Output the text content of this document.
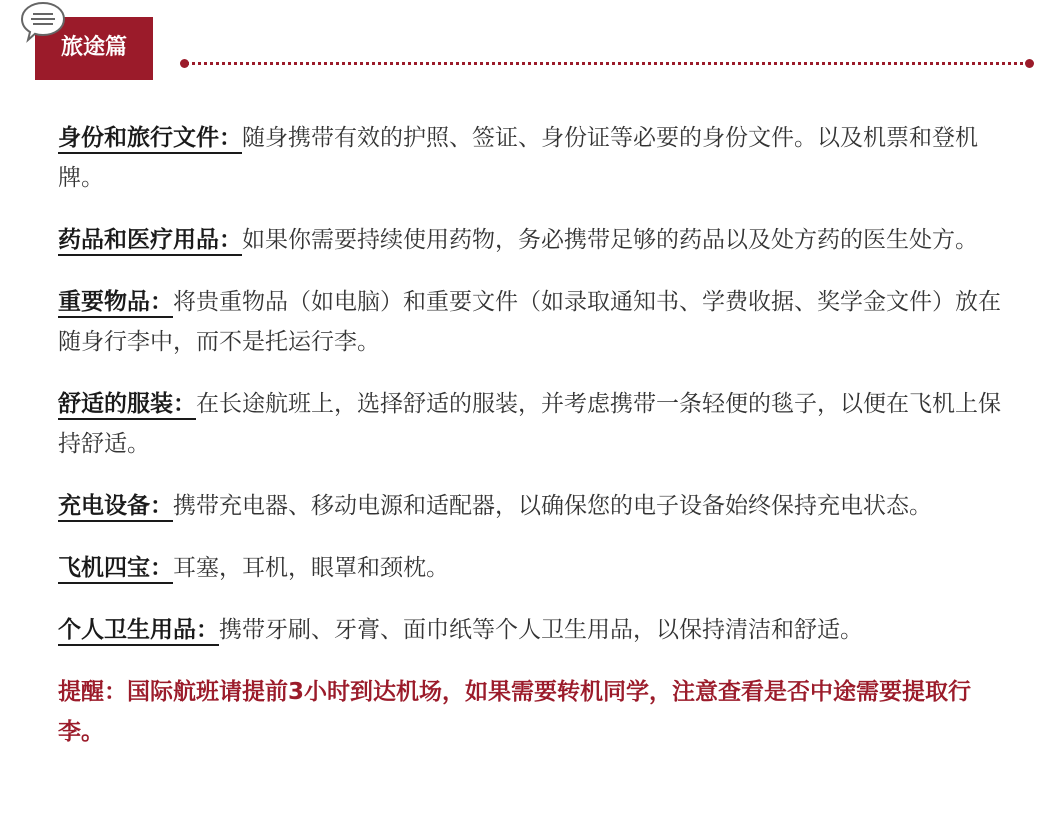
旅途篇

身份和旅行文件：随身携带有效的护照、签证、身份证等必要的身份文件。以及机票和登机牌。

药品和医疗用品：如果你需要持续使用药物，务必携带足够的药品以及处方药的医生处方。

重要物品：将贵重物品（如电脑）和重要文件（如录取通知书、学费收据、奖学金文件）放在随身行李中，而不是托运行李。

舒适的服装：在长途航班上，选择舒适的服装，并考虑携带一条轻便的毯子，以便在飞机上保持舒适。

充电设备：携带充电器、移动电源和适配器，以确保您的电子设备始终保持充电状态。

飞机四宝：耳塞，耳机，眼罩和颈枕。

个人卫生用品：携带牙刷、牙膏、面巾纸等个人卫生用品，以保持清洁和舒适。

提醒：国际航班请提前3小时到达机场，如果需要转机同学，注意查看是否中途需要提取行李。
